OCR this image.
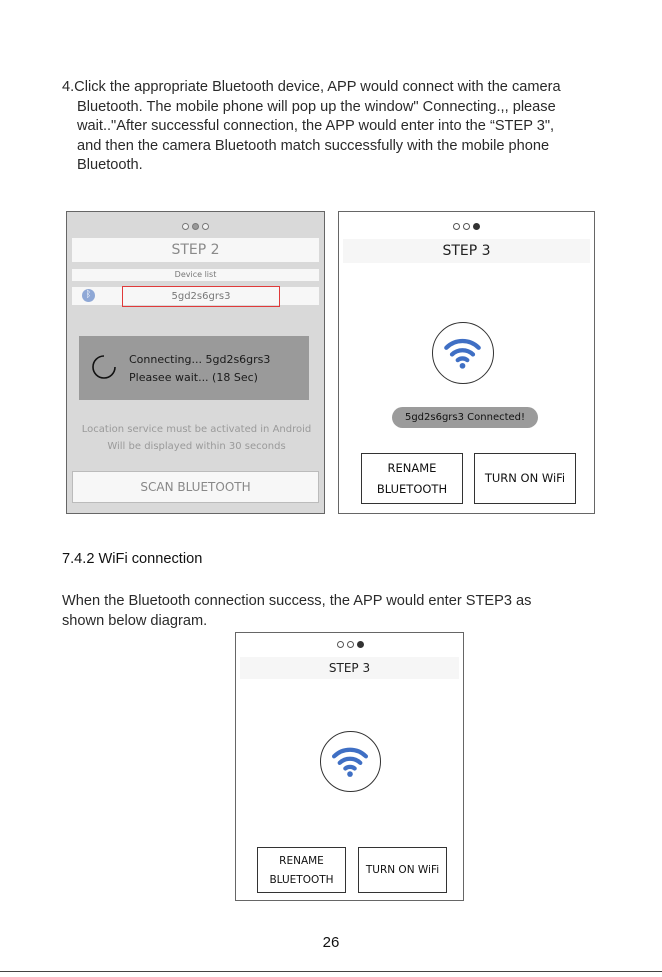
4.Click the appropriate Bluetooth device, APP would connect with the camera
Bluetooth. The mobile phone will pop up the window" Connecting.,, please
wait.."After successful connection, the APP would enter into the “STEP 3",
and then the camera Bluetooth match successfully with the mobile phone
Bluetooth.
STEP 2
Device list
ᛒ	5gd2s6grs3
Connecting... 5gd2s6grs3
Pleasee wait... (18 Sec)
Location service must be activated in Android
Will be displayed within 30 seconds
SCAN BLUETOOTH
STEP 3
5gd2s6grs3 Connected!
RENAME
BLUETOOTH
TURN ON WiFi
7.4.2 WiFi connection
When the Bluetooth connection success, the APP would enter STEP3 as
shown below diagram.
STEP 3
RENAME
BLUETOOTH
TURN ON WiFi
26
